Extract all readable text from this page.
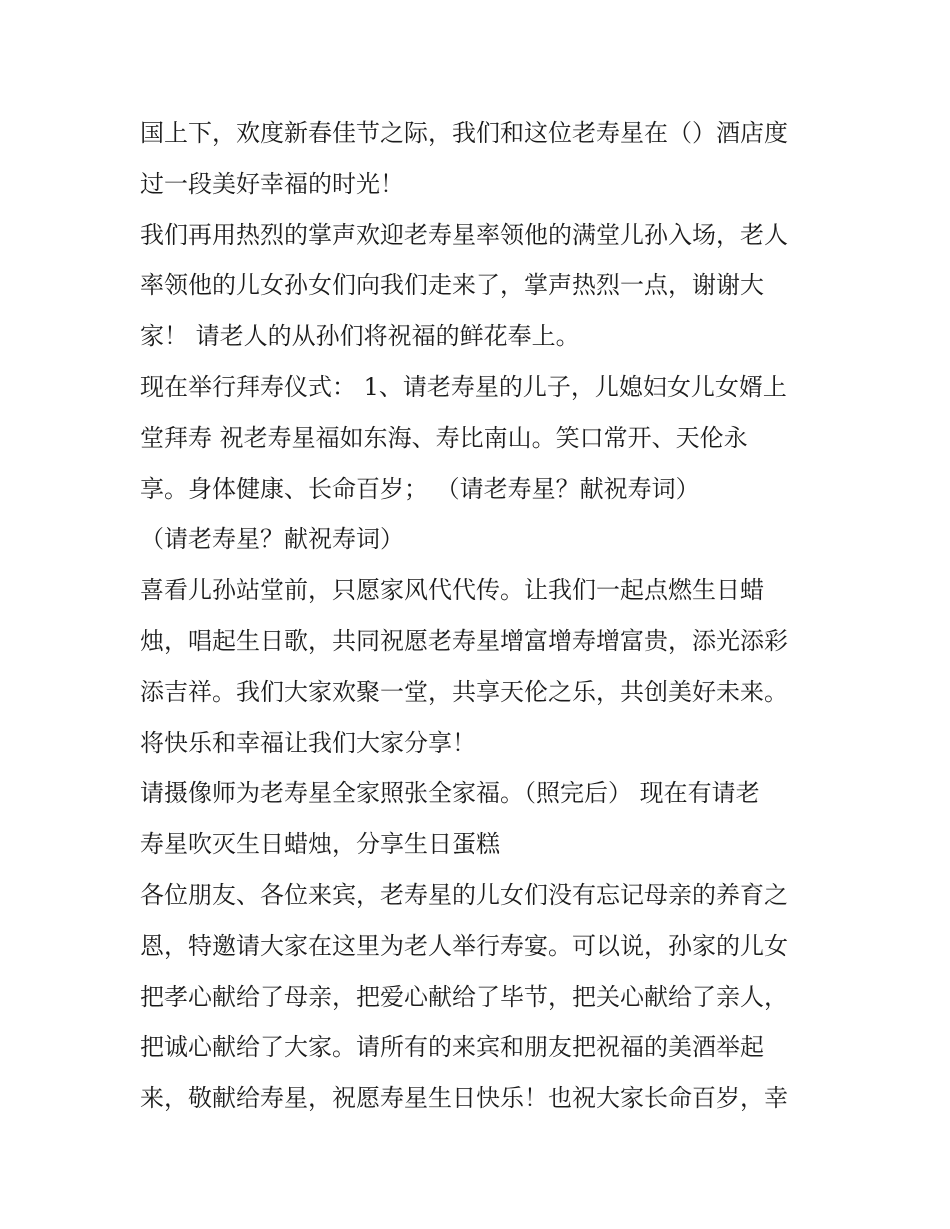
国上下，欢度新春佳节之际，我们和这位老寿星在（）酒店度
过一段美好幸福的时光！
我们再用热烈的掌声欢迎老寿星率领他的满堂儿孙入场，老人
率领他的儿女孙女们向我们走来了，掌声热烈一点，谢谢大
家！ 请老人的从孙们将祝福的鲜花奉上。
现在举行拜寿仪式： 1、请老寿星的儿子，儿媳妇女儿女婿上
堂拜寿 祝老寿星福如东海、寿比南山。笑口常开、天伦永
享。身体健康、长命百岁； （请老寿星？献祝寿词）
（请老寿星？献祝寿词）
喜看儿孙站堂前，只愿家风代代传。让我们一起点燃生日蜡
烛，唱起生日歌，共同祝愿老寿星增富增寿增富贵，添光添彩
添吉祥。我们大家欢聚一堂，共享天伦之乐，共创美好未来。
将快乐和幸福让我们大家分享！
请摄像师为老寿星全家照张全家福。（照完后） 现在有请老
寿星吹灭生日蜡烛，分享生日蛋糕
各位朋友、各位来宾，老寿星的儿女们没有忘记母亲的养育之
恩，特邀请大家在这里为老人举行寿宴。可以说，孙家的儿女
把孝心献给了母亲，把爱心献给了毕节，把关心献给了亲人，
把诚心献给了大家。请所有的来宾和朋友把祝福的美酒举起
来，敬献给寿星，祝愿寿星生日快乐！也祝大家长命百岁，幸
